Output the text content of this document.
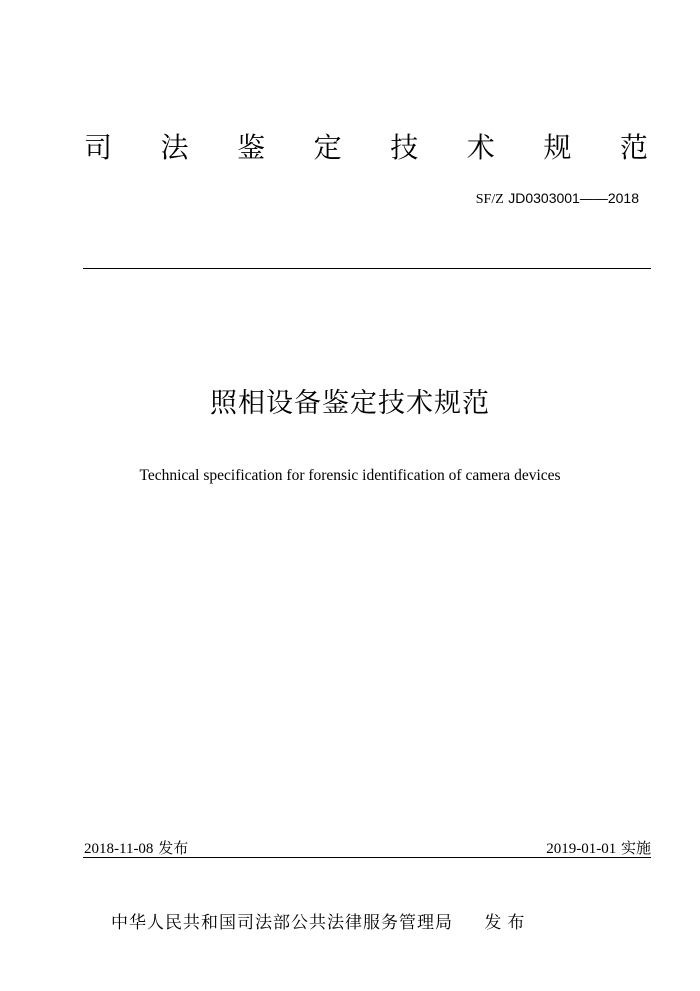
司 法 鉴 定 技 术 规 范
SF/Z JD0303001——2018
照相设备鉴定技术规范
Technical specification for forensic identification of camera devices
2018-11-08 发布	2019-01-01 实施
中华人民共和国司法部公共法律服务管理局 发布
